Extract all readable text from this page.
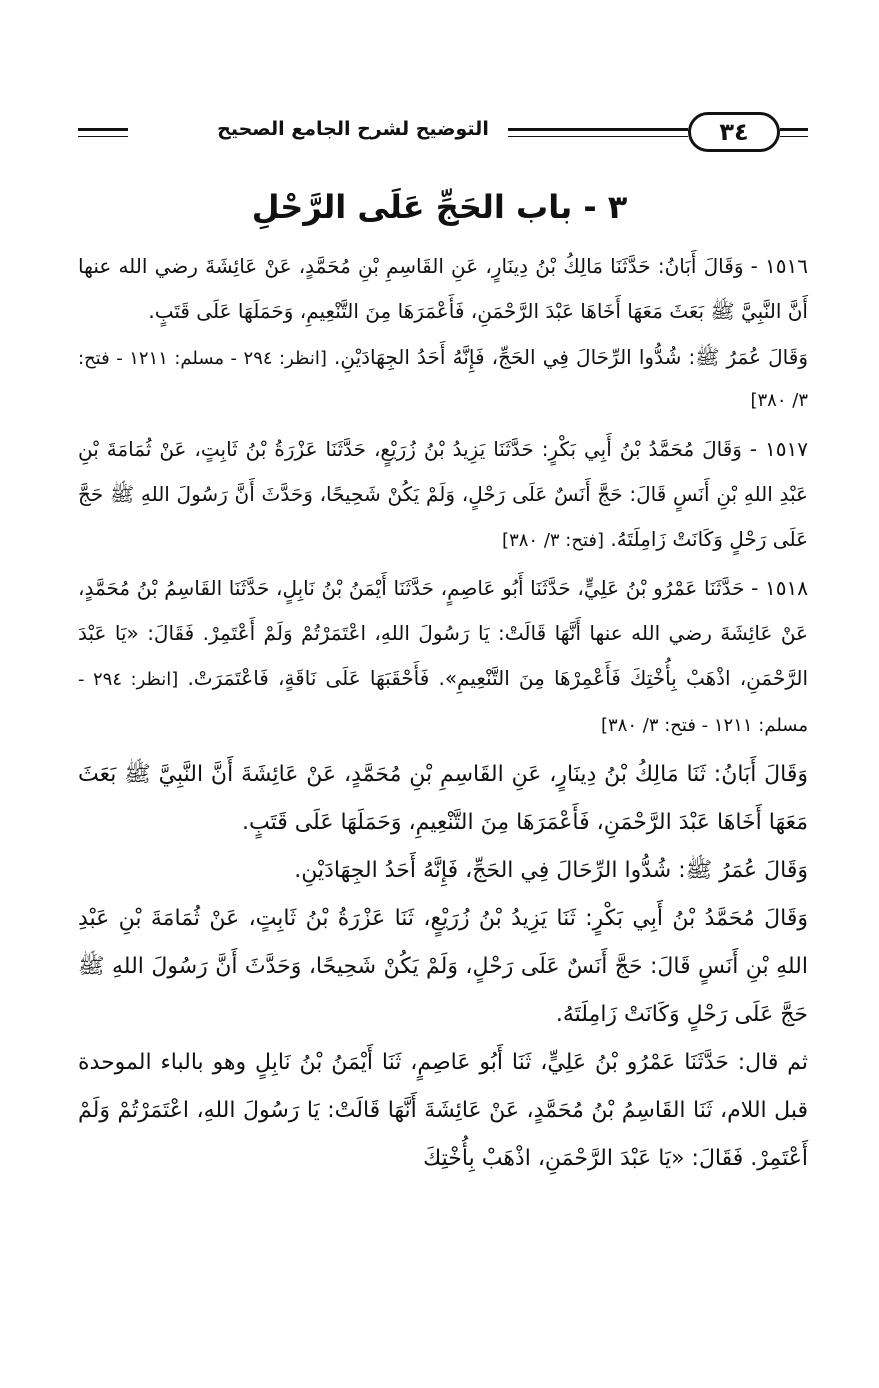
التوضيح لشرح الجامع الصحيح	٣٤
٣ - باب الحَجِّ عَلَى الرَّحْلِ

١٥١٦ - وَقَالَ أَبَانُ: حَدَّثَنَا مَالِكُ بْنُ دِينَارٍ، عَنِ القَاسِمِ بْنِ مُحَمَّدٍ، عَنْ عَائِشَةَ رضي الله عنها أَنَّ النَّبِيَّ ﷺ بَعَثَ مَعَهَا أَخَاهَا عَبْدَ الرَّحْمَنِ، فَأَعْمَرَهَا مِنَ التَّنْعِيمِ، وَحَمَلَهَا عَلَى قَتَبٍ.

وَقَالَ عُمَرُ ﷺ: شُدُّوا الرِّحَالَ فِي الحَجِّ، فَإِنَّهُ أَحَدُ الجِهَادَيْنِ. [انظر: ٢٩٤ - مسلم: ١٢١١ - فتح: ٣/ ٣٨٠]

١٥١٧ - وَقَالَ مُحَمَّدُ بْنُ أَبِي بَكْرٍ: حَدَّثَنَا يَزِيدُ بْنُ زُرَيْعٍ، حَدَّثَنَا عَزْرَةُ بْنُ ثَابِتٍ، عَنْ ثُمَامَةَ بْنِ عَبْدِ اللهِ بْنِ أَنَسٍ قَالَ: حَجَّ أَنَسٌ عَلَى رَحْلٍ، وَلَمْ يَكُنْ شَحِيحًا، وَحَدَّثَ أَنَّ رَسُولَ اللهِ ﷺ حَجَّ عَلَى رَحْلٍ وَكَانَتْ زَامِلَتَهُ. [فتح: ٣/ ٣٨٠]

١٥١٨ - حَدَّثَنَا عَمْرُو بْنُ عَلِيٍّ، حَدَّثَنَا أَبُو عَاصِمٍ، حَدَّثَنَا أَيْمَنُ بْنُ نَابِلٍ، حَدَّثَنَا القَاسِمُ بْنُ مُحَمَّدٍ، عَنْ عَائِشَةَ رضي الله عنها أَنَّهَا قَالَتْ: يَا رَسُولَ اللهِ، اعْتَمَرْتُمْ وَلَمْ أَعْتَمِرْ. فَقَالَ: «يَا عَبْدَ الرَّحْمَنِ، اذْهَبْ بِأُخْتِكَ فَأَعْمِرْهَا مِنَ التَّنْعِيمِ». فَأَحْقَبَهَا عَلَى نَاقَةٍ، فَاعْتَمَرَتْ. [انظر: ٢٩٤ - مسلم: ١٢١١ - فتح: ٣/ ٣٨٠]

وَقَالَ أَبَانُ: ثَنَا مَالِكُ بْنُ دِينَارٍ، عَنِ القَاسِمِ بْنِ مُحَمَّدٍ، عَنْ عَائِشَةَ أَنَّ النَّبِيَّ ﷺ بَعَثَ مَعَهَا أَخَاهَا عَبْدَ الرَّحْمَنِ، فَأَعْمَرَهَا مِنَ التَّنْعِيمِ، وَحَمَلَهَا عَلَى قَتَبٍ.

وَقَالَ عُمَرُ ﷺ: شُدُّوا الرِّحَالَ فِي الحَجِّ، فَإِنَّهُ أَحَدُ الجِهَادَيْنِ.

وَقَالَ مُحَمَّدُ بْنُ أَبِي بَكْرٍ: ثَنَا يَزِيدُ بْنُ زُرَيْعٍ، ثَنَا عَزْرَةُ بْنُ ثَابِتٍ، عَنْ ثُمَامَةَ بْنِ عَبْدِ اللهِ بْنِ أَنَسٍ قَالَ: حَجَّ أَنَسٌ عَلَى رَحْلٍ، وَلَمْ يَكُنْ شَحِيحًا، وَحَدَّثَ أَنَّ رَسُولَ اللهِ ﷺ حَجَّ عَلَى رَحْلٍ وَكَانَتْ زَامِلَتَهُ.

ثم قال: حَدَّثَنَا عَمْرُو بْنُ عَلِيٍّ، ثَنَا أَبُو عَاصِمٍ، ثَنَا أَيْمَنُ بْنُ نَابِلٍ وهو بالباء الموحدة قبل اللام، ثَنَا القَاسِمُ بْنُ مُحَمَّدٍ، عَنْ عَائِشَةَ أَنَّهَا قَالَتْ: يَا رَسُولَ اللهِ، اعْتَمَرْتُمْ وَلَمْ أَعْتَمِرْ. فَقَالَ: «يَا عَبْدَ الرَّحْمَنِ، اذْهَبْ بِأُخْتِكَ
